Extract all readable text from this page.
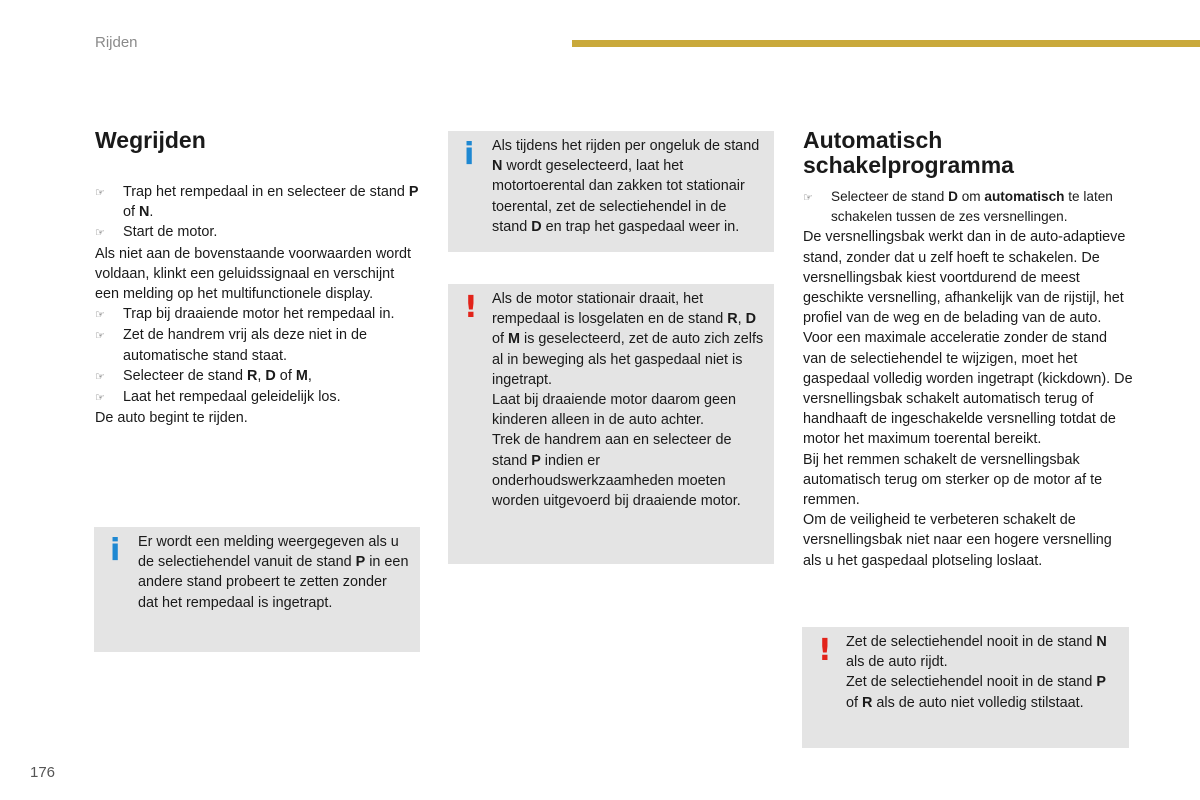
Rijden
Wegrijden
☞	Trap het rempedaal in en selecteer de stand P of N.
☞	Start de motor.

Als niet aan de bovenstaande voorwaarden wordt voldaan, klinkt een geluidssignaal en verschijnt een melding op het multifunctionele display.

☞	Trap bij draaiende motor het rempedaal in.
☞	Zet de handrem vrij als deze niet in de automatische stand staat.
☞	Selecteer de stand R, D of M,
☞	Laat het rempedaal geleidelijk los.

De auto begint te rijden.

i Er wordt een melding weergegeven als u de selectiehendel vanuit de stand P in een andere stand probeert te zetten zonder dat het rempedaal is ingetrapt.

i Als tijdens het rijden per ongeluk de stand N wordt geselecteerd, laat het motortoerental dan zakken tot stationair toerental, zet de selectiehendel in de stand D en trap het gaspedaal weer in.

! Als de motor stationair draait, het rempedaal is losgelaten en de stand R, D of M is geselecteerd, zet de auto zich zelfs al in beweging als het gaspedaal niet is ingetrapt.

Laat bij draaiende motor daarom geen kinderen alleen in de auto achter.

Trek de handrem aan en selecteer de stand P indien er onderhoudswerkzaamheden moeten worden uitgevoerd bij draaiende motor.

Automatisch
schakelprogramma
☞	Selecteer de stand D om automatisch te laten schakelen tussen de zes versnellingen.

De versnellingsbak werkt dan in de auto-adaptieve stand, zonder dat u zelf hoeft te schakelen. De versnellingsbak kiest voortdurend de meest geschikte versnelling, afhankelijk van de rijstijl, het profiel van de weg en de belading van de auto.

Voor een maximale acceleratie zonder de stand van de selectiehendel te wijzigen, moet het gaspedaal volledig worden ingetrapt (kickdown). De versnellingsbak schakelt automatisch terug of handhaaft de ingeschakelde versnelling totdat de motor het maximum toerental bereikt.

Bij het remmen schakelt de versnellingsbak automatisch terug om sterker op de motor af te remmen.

Om de veiligheid te verbeteren schakelt de versnellingsbak niet naar een hogere versnelling als u het gaspedaal plotseling loslaat.

! Zet de selectiehendel nooit in de stand N als de auto rijdt.

Zet de selectiehendel nooit in de stand P of R als de auto niet volledig stilstaat.

176
